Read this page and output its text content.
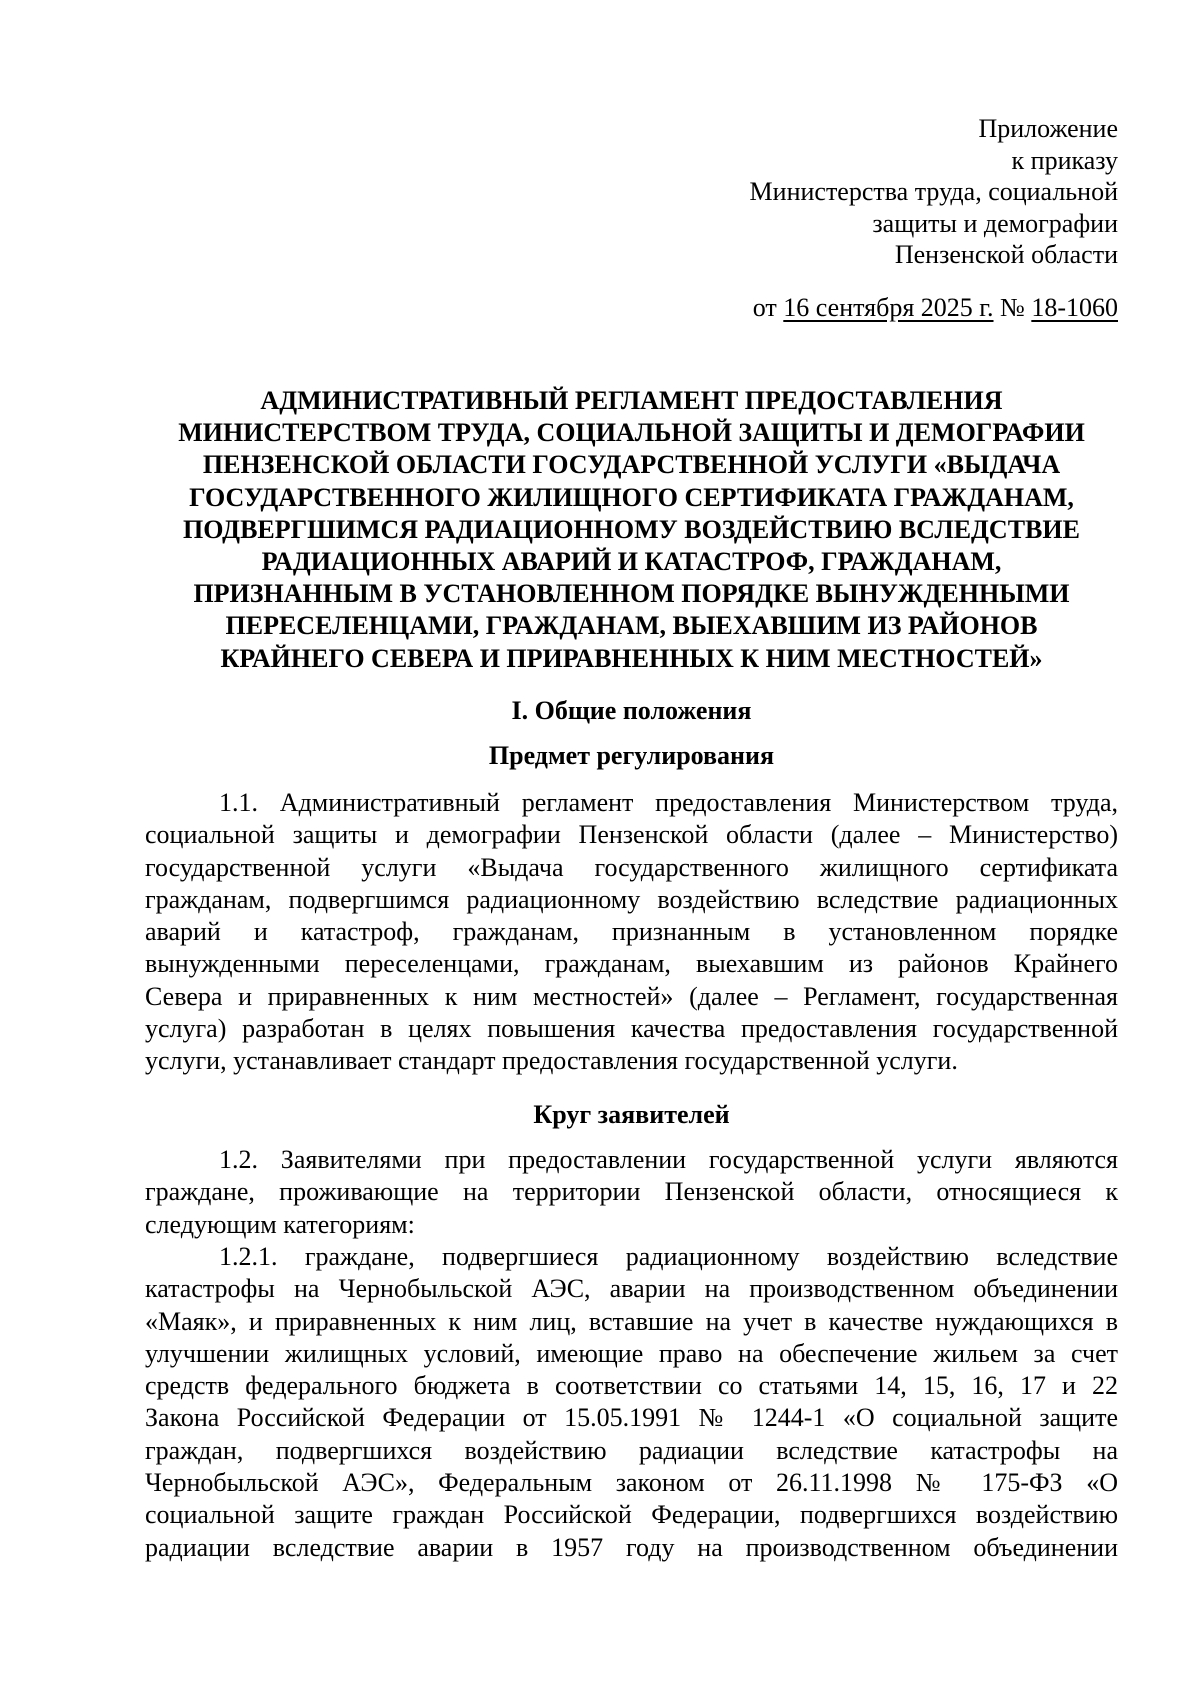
Приложение
к приказу
Министерства труда, социальной
защиты и демографии
Пензенской области
от 16 сентября 2025 г. № 18-1060
АДМИНИСТРАТИВНЫЙ РЕГЛАМЕНТ ПРЕДОСТАВЛЕНИЯ
МИНИСТЕРСТВОМ ТРУДА, СОЦИАЛЬНОЙ ЗАЩИТЫ И ДЕМОГРАФИИ
ПЕНЗЕНСКОЙ ОБЛАСТИ ГОСУДАРСТВЕННОЙ УСЛУГИ «ВЫДАЧА
ГОСУДАРСТВЕННОГО ЖИЛИЩНОГО СЕРТИФИКАТА ГРАЖДАНАМ,
ПОДВЕРГШИМСЯ РАДИАЦИОННОМУ ВОЗДЕЙСТВИЮ ВСЛЕДСТВИЕ
РАДИАЦИОННЫХ АВАРИЙ И КАТАСТРОФ, ГРАЖДАНАМ,
ПРИЗНАННЫМ В УСТАНОВЛЕННОМ ПОРЯДКЕ ВЫНУЖДЕННЫМИ
ПЕРЕСЕЛЕНЦАМИ, ГРАЖДАНАМ, ВЫЕХАВШИМ ИЗ РАЙОНОВ
КРАЙНЕГО СЕВЕРА И ПРИРАВНЕННЫХ К НИМ МЕСТНОСТЕЙ»
I. Общие положения
Предмет регулирования
1.1. Административный регламент предоставления Министерством труда,
социальной защиты и демографии Пензенской области (далее – Министерство)
государственной услуги «Выдача государственного жилищного сертификата
гражданам, подвергшимся радиационному воздействию вследствие радиационных
аварий и катастроф, гражданам, признанным в установленном порядке
вынужденными переселенцами, гражданам, выехавшим из районов Крайнего
Севера и приравненных к ним местностей» (далее – Регламент, государственная
услуга) разработан в целях повышения качества предоставления государственной
услуги, устанавливает стандарт предоставления государственной услуги.
Круг заявителей
1.2. Заявителями при предоставлении государственной услуги являются
граждане, проживающие на территории Пензенской области, относящиеся к
следующим категориям:
1.2.1. граждане, подвергшиеся радиационному воздействию вследствие
катастрофы на Чернобыльской АЭС, аварии на производственном объединении
«Маяк», и приравненных к ним лиц, вставшие на учет в качестве нуждающихся в
улучшении жилищных условий, имеющие право на обеспечение жильем за счет
средств федерального бюджета в соответствии со статьями 14, 15, 16, 17 и 22
Закона Российской Федерации от 15.05.1991 № 1244-1 «О социальной защите
граждан, подвергшихся воздействию радиации вследствие катастрофы на
Чернобыльской АЭС», Федеральным законом от 26.11.1998 № 175-ФЗ «О
социальной защите граждан Российской Федерации, подвергшихся воздействию
радиации вследствие аварии в 1957 году на производственном объединении
